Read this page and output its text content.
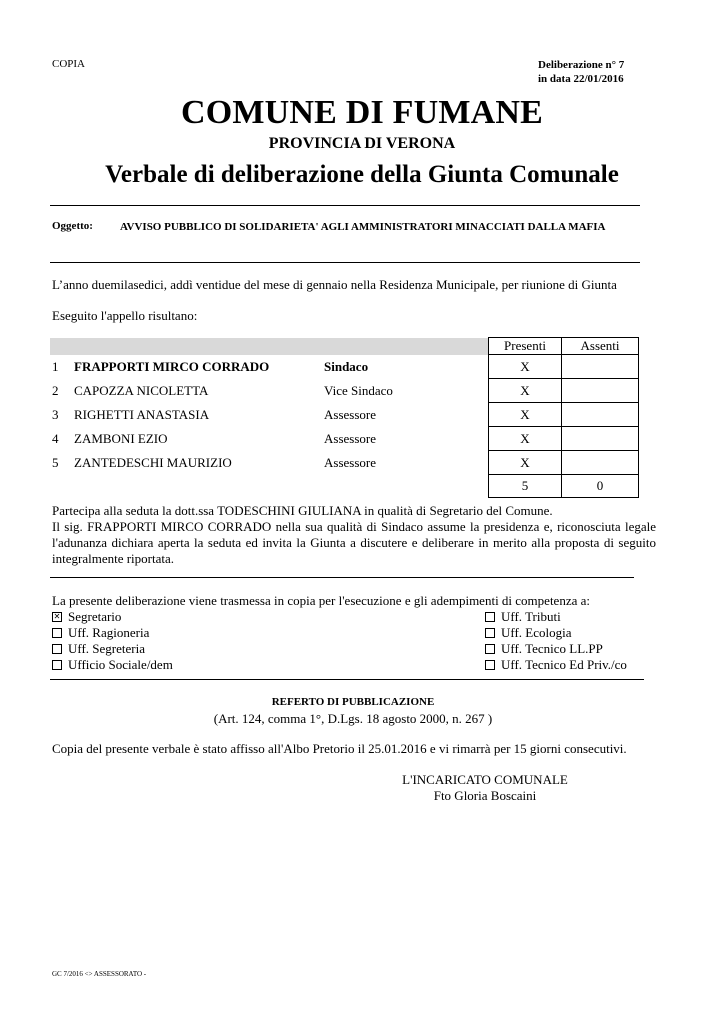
COPIA	Deliberazione n° 7
in data 22/01/2016
COMUNE DI FUMANE
PROVINCIA DI VERONA
Verbale di deliberazione della Giunta Comunale
Oggetto: AVVISO PUBBLICO DI SOLIDARIETA' AGLI AMMINISTRATORI MINACCIATI DALLA MAFIA
L’anno duemilasedici, addì ventidue del mese di gennaio nella Residenza Municipale, per riunione di Giunta
Eseguito l'appello risultano:
			Presenti	Assenti
1	FRAPPORTI MIRCO CORRADO	Sindaco	X	
2	CAPOZZA NICOLETTA	Vice Sindaco	X	
3	RIGHETTI ANASTASIA	Assessore	X	
4	ZAMBONI EZIO	Assessore	X	
5	ZANTEDESCHI MAURIZIO	Assessore	X	
			5	0
Partecipa alla seduta la dott.ssa TODESCHINI GIULIANA in qualità di Segretario del Comune.
Il sig. FRAPPORTI MIRCO CORRADO nella sua qualità di Sindaco assume la presidenza e, riconosciuta legale l'adunanza dichiara aperta la seduta ed invita la Giunta a discutere e deliberare in merito alla proposta di seguito integralmente riportata.
La presente deliberazione viene trasmessa in copia per l'esecuzione e gli adempimenti di competenza a:
✕ Segretario
Uff. Ragioneria
Uff. Segreteria
Ufficio Sociale/dem
Uff. Tributi
Uff. Ecologia
Uff. Tecnico LL.PP
Uff. Tecnico Ed Priv./co
REFERTO DI PUBBLICAZIONE
(Art. 124, comma 1°, D.Lgs. 18 agosto 2000, n. 267 )
Copia del presente verbale è stato affisso all'Albo Pretorio il 25.01.2016 e vi rimarrà per 15 giorni consecutivi.
L'INCARICATO COMUNALE
Fto Gloria Boscaini
GC 7/2016 <> ASSESSORATO -
